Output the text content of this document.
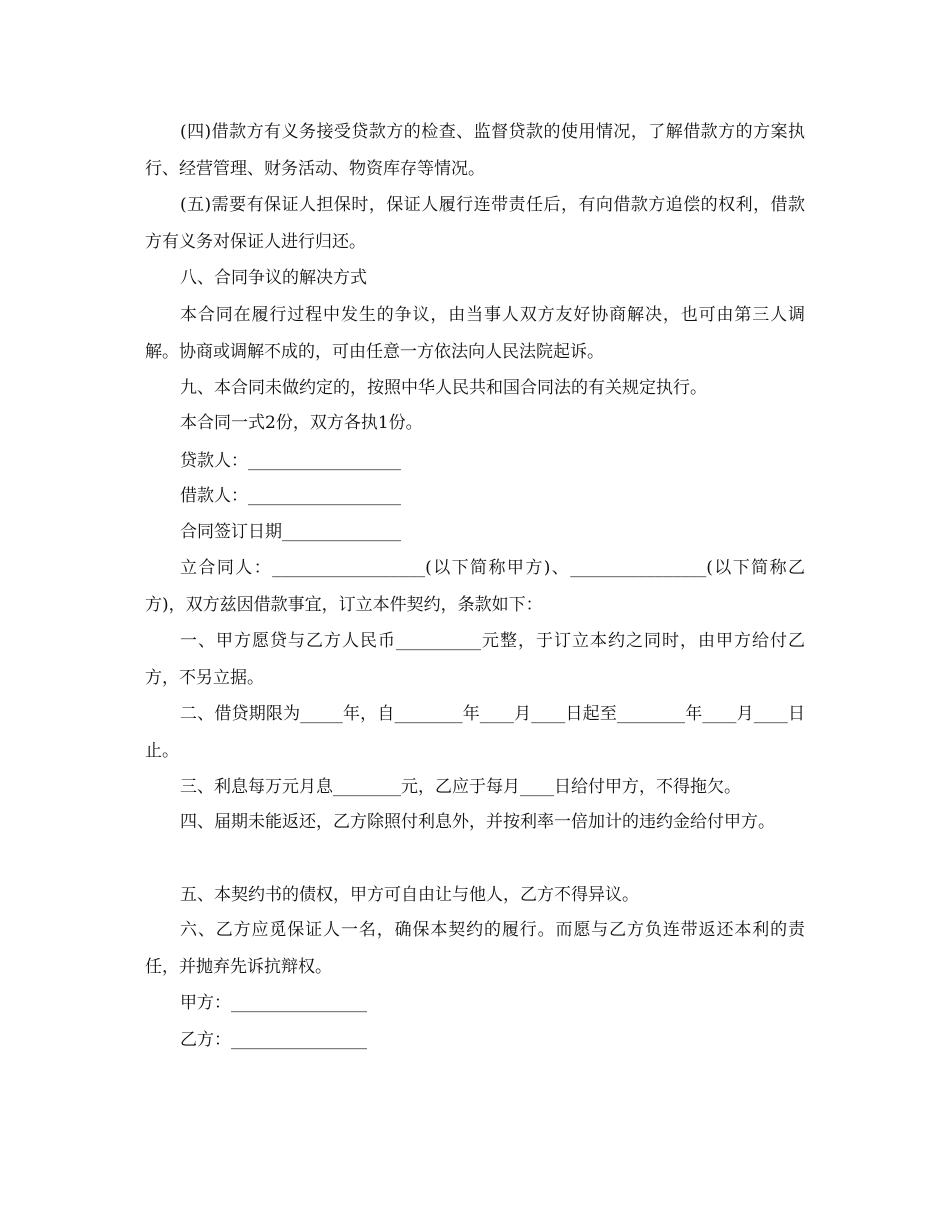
(四)借款方有义务接受贷款方的检查、监督贷款的使用情况，了解借款方的方案执行、经营管理、财务活动、物资库存等情况。

(五)需要有保证人担保时，保证人履行连带责任后，有向借款方追偿的权利，借款方有义务对保证人进行归还。

八、合同争议的解决方式

本合同在履行过程中发生的争议，由当事人双方友好协商解决，也可由第三人调解。协商或调解不成的，可由任意一方依法向人民法院起诉。

九、本合同未做约定的，按照中华人民共和国合同法的有关规定执行。

本合同一式2份，双方各执1份。

贷款人：__________________

借款人：__________________

合同签订日期______________

立合同人：__________________(以下简称甲方)、________________(以下简称乙方)，双方兹因借款事宜，订立本件契约，条款如下：

一、甲方愿贷与乙方人民币__________元整，于订立本约之同时，由甲方给付乙方，不另立据。

二、借贷期限为_____年，自________年____月____日起至________年____月____日止。

三、利息每万元月息________元，乙应于每月____日给付甲方，不得拖欠。

四、届期未能返还，乙方除照付利息外，并按利率一倍加计的违约金给付甲方。

五、本契约书的债权，甲方可自由让与他人，乙方不得异议。

六、乙方应觅保证人一名，确保本契约的履行。而愿与乙方负连带返还本利的责任，并抛弃先诉抗辩权。

甲方：________________

乙方：________________
